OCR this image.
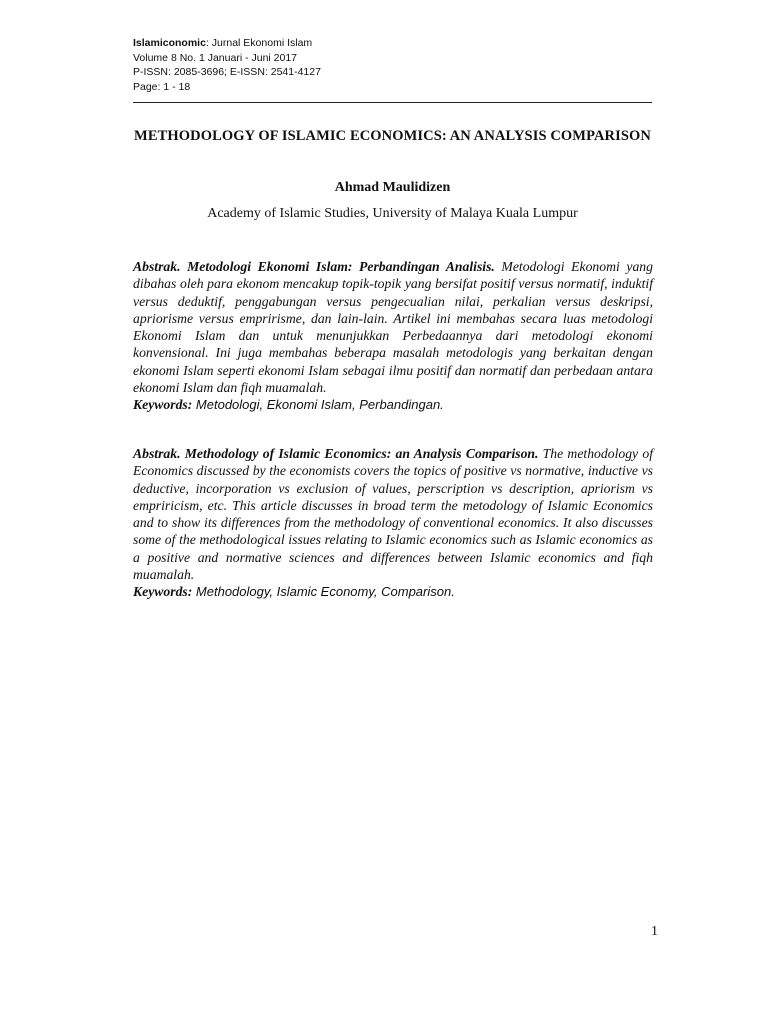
Islamiconomic: Jurnal Ekonomi Islam
Volume 8 No. 1 Januari - Juni 2017
P-ISSN: 2085-3696; E-ISSN: 2541-4127
Page: 1 - 18
METHODOLOGY OF ISLAMIC ECONOMICS: AN ANALYSIS COMPARISON
Ahmad Maulidizen
Academy of Islamic Studies, University of Malaya Kuala Lumpur
Abstrak. Metodologi Ekonomi Islam: Perbandingan Analisis. Metodologi Ekonomi yang dibahas oleh para ekonom mencakup topik-topik yang bersifat positif versus normatif, induktif versus deduktif, penggabungan versus pengecualian nilai, perkalian versus deskripsi, apriorisme versus empririsme, dan lain-lain. Artikel ini membahas secara luas metodologi Ekonomi Islam dan untuk menunjukkan Perbedaannya dari metodologi ekonomi konvensional. Ini juga membahas beberapa masalah metodologis yang berkaitan dengan ekonomi Islam seperti ekonomi Islam sebagai ilmu positif dan normatif dan perbedaan antara ekonomi Islam dan fiqh muamalah.
Keywords: Metodologi, Ekonomi Islam, Perbandingan.
Abstrak. Methodology of Islamic Economics: an Analysis Comparison. The methodology of Economics discussed by the economists covers the topics of positive vs normative, inductive vs deductive, incorporation vs exclusion of values, perscription vs description, apriorism vs empriricism, etc. This article discusses in broad term the metodology of Islamic Economics and to show its differences from the methodology of conventional economics. It also discusses some of the methodological issues relating to Islamic economics such as Islamic economics as a positive and normative sciences and differences between Islamic economics and fiqh muamalah.
Keywords: Methodology, Islamic Economy, Comparison.
1
